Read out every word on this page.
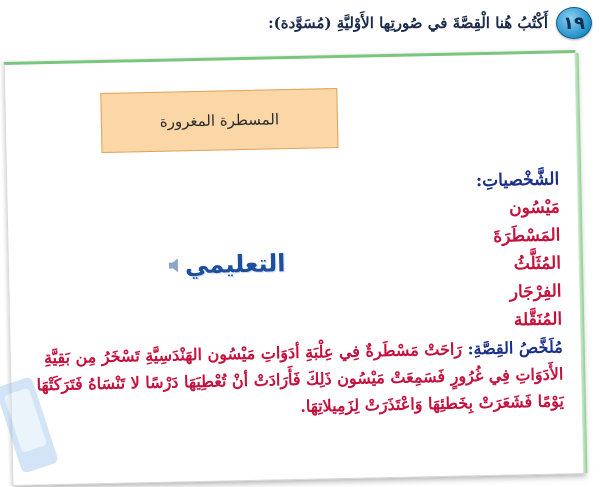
١٩
أَكْتُبُ هُنا الْقِصَّةَ في صُورتِها الأَوْليَّةِ (مُسَوَّدة):
المسطرة المغرورة
التعليمي
الشَّخْصياتِ:
مَيْسُون
المَسْطَرَةَ
المُثَلَّثُ
الفِرْجَار
المُنَقَّلة
مُلَخَّصُ القِصَّةِ: رَاحَتْ مَسْطَرةٌ فِي عِلْبَةِ أدَوَاتِ مَيْسُون الهَنْدَسِيَّةِ تَسْخَرُ مِن بَقِيَّةِ الأَدَوَاتِ فِي غُرُورٍ فَسَمِعَتْ مَيْسُون ذَلِكَ فَأَرَادَتْ أنْ تُعْطِيَهَا دَرْسًا لا تَنْسَاهُ فَتَرَكَتْهَا يَوْمًا فَشَعَرَتْ بِخَطئِهَا وَاعْتَذَرَتْ لِزَمِيلاتِهَا.
